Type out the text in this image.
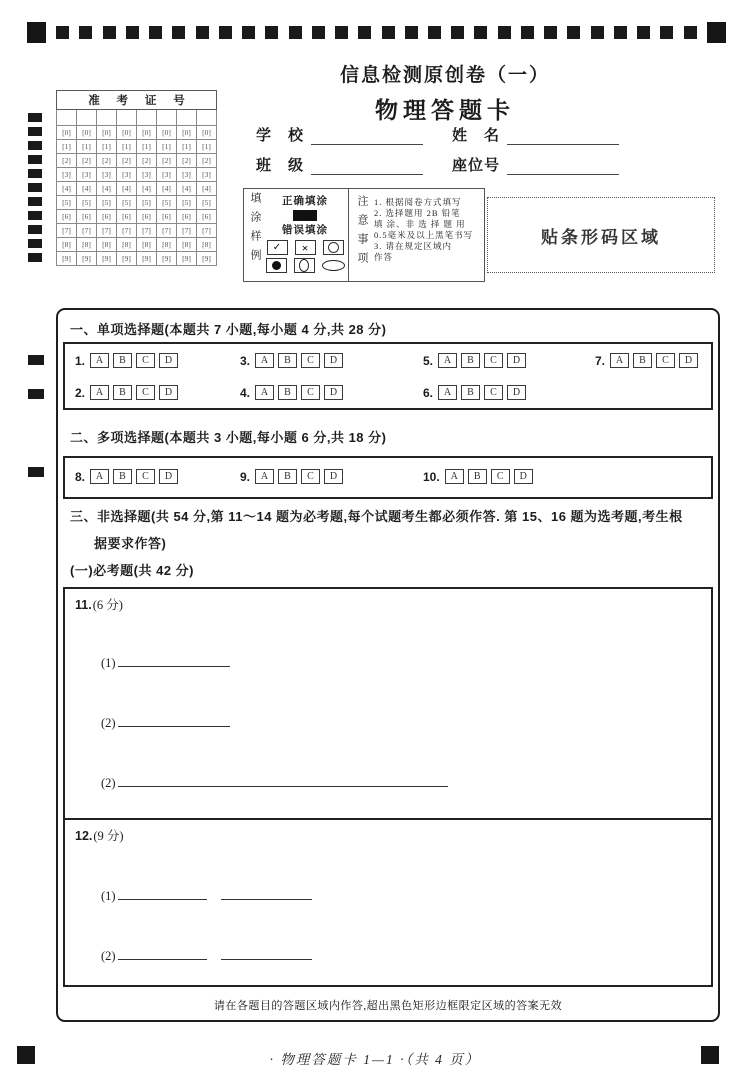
准 考 证 号							

[0]	[0]	[0]	[0]	[0]	[0]	[0]	[0]
[1]	[1]	[1]	[1]	[1]	[1]	[1]	[1]
[2]	[2]	[2]	[2]	[2]	[2]	[2]	[2]
[3]	[3]	[3]	[3]	[3]	[3]	[3]	[3]
[4]	[4]	[4]	[4]	[4]	[4]	[4]	[4]
[5]	[5]	[5]	[5]	[5]	[5]	[5]	[5]
[6]	[6]	[6]	[6]	[6]	[6]	[6]	[6]
[7]	[7]	[7]	[7]	[7]	[7]	[7]	[7]
[8]	[8]	[8]	[8]	[8]	[8]	[8]	[8]
[9]	[9]	[9]	[9]	[9]	[9]	[9]	[9]
信息检测原创卷（一）
物理答题卡
学　校	姓　名
班　级	座位号
填涂样例	正确填涂
错误填涂
✓	×	注意事项 1. 根据阅卷方式填写
2. 选择题用 2B 铅笔
填 涂、非 选 择 题 用
0.5毫米及以上黑笔书写
3. 请在规定区域内
作答
贴条形码区域
一、单项选择题(本题共 7 小题,每小题 4 分,共 28 分)
1.	A	B	C	D	3.	A	B	C	D	5.	A	B	C	D	7.	A	B	C	D
2.	A	B	C	D	4.	A	B	C	D	6.	A	B	C	D
二、多项选择题(本题共 3 小题,每小题 6 分,共 18 分)
8.	A	B	C	D	9.	A	B	C	D	10.	A	B	C	D
三、非选择题(共 54 分,第 11～14 题为必考题,每个试题考生都必须作答. 第 15、16 题为选考题,考生根
据要求作答)
(一)必考题(共 42 分)
11.(6 分)
(1)
(2)
(2)
12.(9 分)
(1)
(2)
请在各题目的答题区域内作答,超出黑色矩形边框限定区域的答案无效
· 物理答题卡 1—1 ·（共 4 页）
